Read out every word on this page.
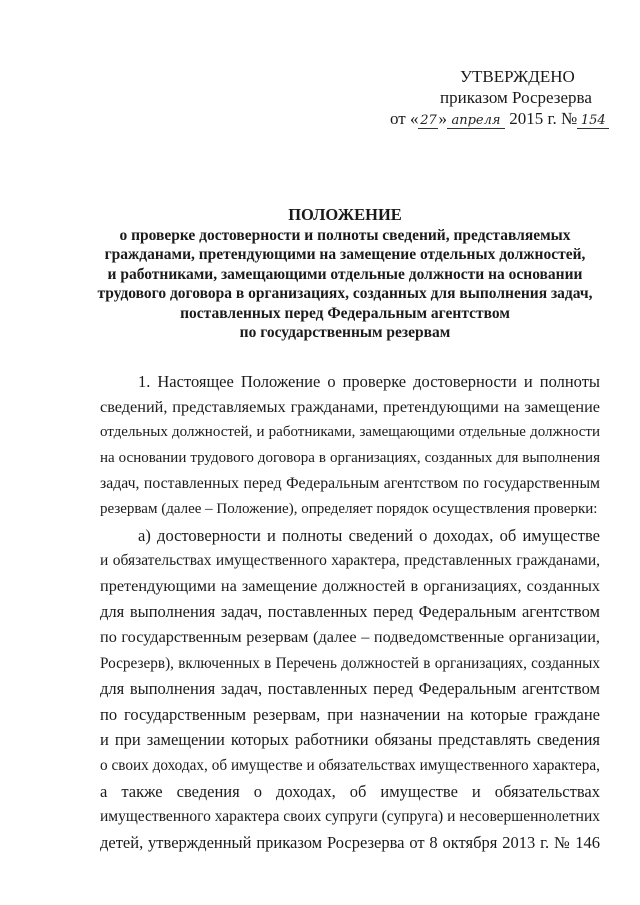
УТВЕРЖДЕНО
приказом Росрезерва
от « 27 » апреля 2015 г. № 154
ПОЛОЖЕНИЕ
о проверке достоверности и полноты сведений, представляемых
гражданами, претендующими на замещение отдельных должностей,
и работниками, замещающими отдельные должности на основании
трудового договора в организациях, созданных для выполнения задач,
поставленных перед Федеральным агентством
по государственным резервам
1. Настоящее Положение о проверке достоверности и полноты
сведений, представляемых гражданами, претендующими на замещение
отдельных должностей, и работниками, замещающими отдельные должности
на основании трудового договора в организациях, созданных для выполнения
задач, поставленных перед Федеральным агентством по государственным
резервам (далее – Положение), определяет порядок осуществления проверки:
а) достоверности и полноты сведений о доходах, об имуществе
и обязательствах имущественного характера, представленных гражданами,
претендующими на замещение должностей в организациях, созданных
для выполнения задач, поставленных перед Федеральным агентством
по государственным резервам (далее – подведомственные организации,
Росрезерв), включенных в Перечень должностей в организациях, созданных
для выполнения задач, поставленных перед Федеральным агентством
по государственным резервам, при назначении на которые граждане
и при замещении которых работники обязаны представлять сведения
о своих доходах, об имуществе и обязательствах имущественного характера,
а также сведения о доходах, об имуществе и обязательствах
имущественного характера своих супруги (супруга) и несовершеннолетних
детей, утвержденный приказом Росрезерва от 8 октября 2013 г. № 146
